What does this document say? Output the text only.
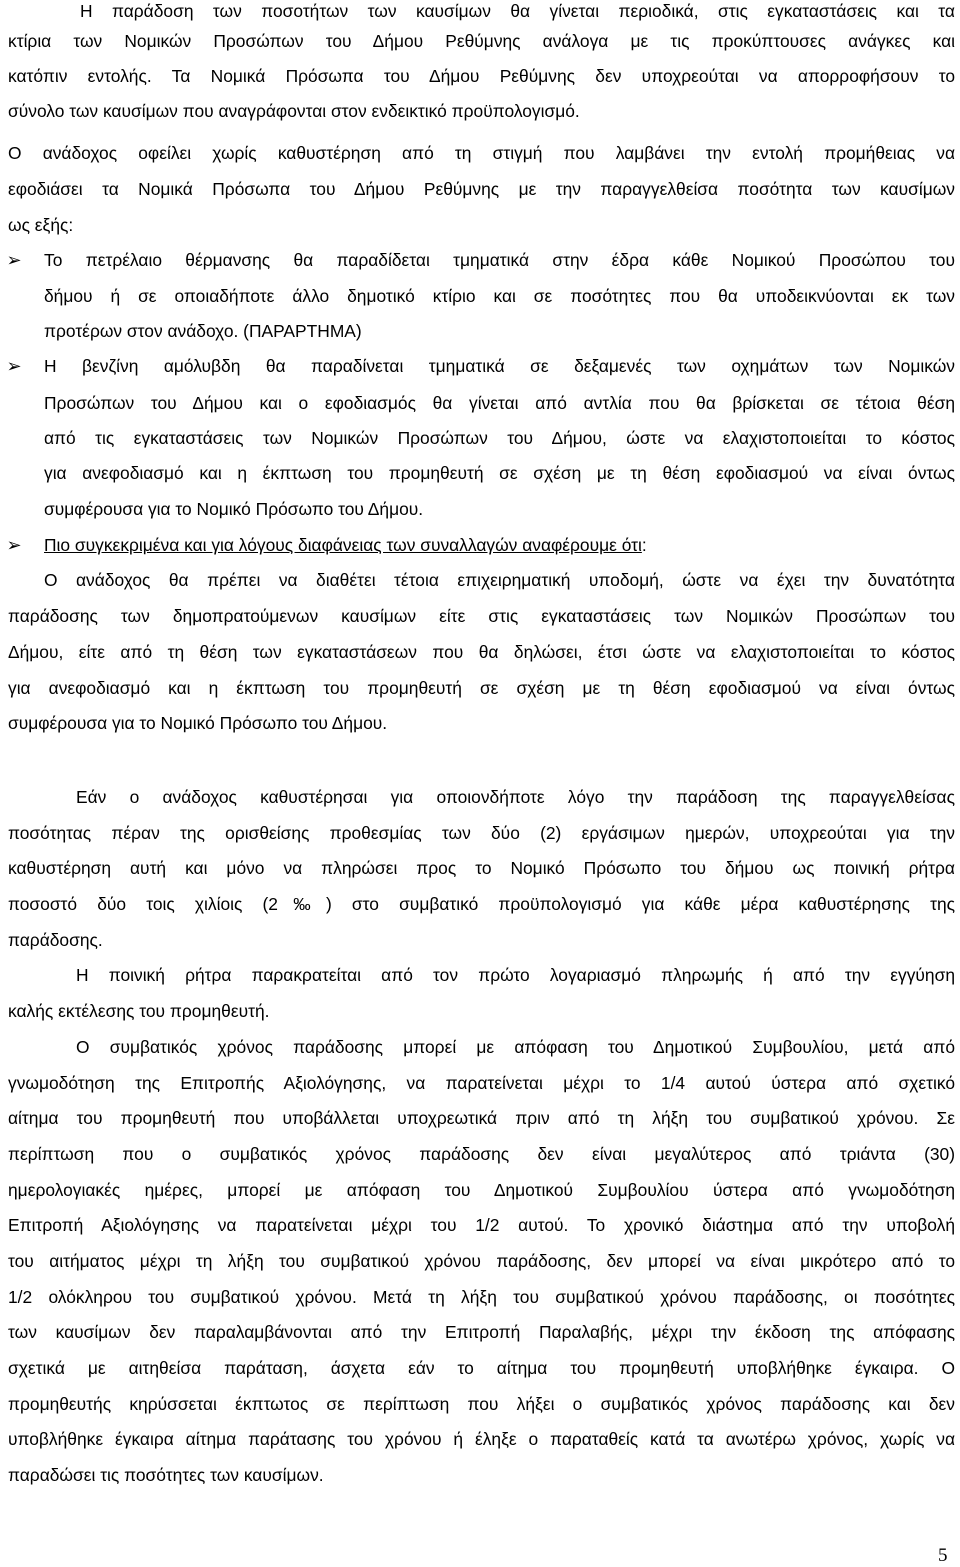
Η παράδοση των ποσοτήτων των καυσίμων θα γίνεται περιοδικά, στις εγκαταστάσεις και τα
κτίρια των Νομικών Προσώπων του Δήμου Ρεθύμνης ανάλογα με τις προκύπτουσες ανάγκες και
κατόπιν εντολής. Τα Νομικά Πρόσωπα του Δήμου Ρεθύμνης δεν υποχρεούται να απορροφήσουν το
σύνολο των καυσίμων που αναγράφονται στον ενδεικτικό προϋπολογισμό.
Ο ανάδοχος οφείλει χωρίς καθυστέρηση από τη στιγμή που λαμβάνει την εντολή προμήθειας να
εφοδιάσει τα Νομικά Πρόσωπα του Δήμου Ρεθύμνης με την παραγγελθείσα ποσότητα των καυσίμων
ως εξής:
➢ Το πετρέλαιο θέρμανσης θα παραδίδεται τμηματικά στην έδρα κάθε Νομικού Προσώπου του
δήμου ή σε οποιαδήποτε άλλο δημοτικό κτίριο και σε ποσότητες που θα υποδεικνύονται εκ των
προτέρων στον ανάδοχο. (ΠΑΡΑΡΤΗΜΑ)
➢ Η βενζίνη αμόλυβδη θα παραδίνεται τμηματικά σε δεξαμενές των οχημάτων των Νομικών
Προσώπων του Δήμου και ο εφοδιασμός θα γίνεται από αντλία που θα βρίσκεται σε τέτοια θέση
από τις εγκαταστάσεις των Νομικών Προσώπων του Δήμου, ώστε να ελαχιστοποιείται το κόστος
για ανεφοδιασμό και η έκπτωση του προμηθευτή σε σχέση με τη θέση εφοδιασμού να είναι όντως
συμφέρουσα για το Νομικό Πρόσωπο του Δήμου.
➢ Πιο συγκεκριμένα και για λόγους διαφάνειας των συναλλαγών αναφέρουμε ότι:
Ο ανάδοχος θα πρέπει να διαθέτει τέτοια επιχειρηματική υποδομή, ώστε να έχει την δυνατότητα
παράδοσης των δημοπρατούμενων καυσίμων είτε στις εγκαταστάσεις των Νομικών Προσώπων του
Δήμου, είτε από τη θέση των εγκαταστάσεων που θα δηλώσει, έτσι ώστε να ελαχιστοποιείται το κόστος
για ανεφοδιασμό και η έκπτωση του προμηθευτή σε σχέση με τη θέση εφοδιασμού να είναι όντως
συμφέρουσα για το Νομικό Πρόσωπο του Δήμου.
Εάν ο ανάδοχος καθυστέρησαι για οποιονδήποτε λόγο την παράδοση της παραγγελθείσας
ποσότητας πέραν της ορισθείσης προθεσμίας των δύο (2) εργάσιμων ημερών, υποχρεούται για την
καθυστέρηση αυτή και μόνο να πληρώσει προς το Νομικό Πρόσωπο του δήμου ως ποινική ρήτρα
ποσοστό δύο τοις χιλίοις (2‰) στο συμβατικό προϋπολογισμό για κάθε μέρα καθυστέρησης της
παράδοσης.
Η ποινική ρήτρα παρακρατείται από τον πρώτο λογαριασμό πληρωμής ή από την εγγύηση
καλής εκτέλεσης του προμηθευτή.
Ο συμβατικός χρόνος παράδοσης μπορεί με απόφαση του Δημοτικού Συμβουλίου, μετά από
γνωμοδότηση της Επιτροπής Αξιολόγησης, να παρατείνεται μέχρι το 1/4 αυτού ύστερα από σχετικό
αίτημα του προμηθευτή που υποβάλλεται υποχρεωτικά πριν από τη λήξη του συμβατικού χρόνου. Σε
περίπτωση που ο συμβατικός χρόνος παράδοσης δεν είναι μεγαλύτερος από τριάντα (30)
ημερολογιακές ημέρες, μπορεί με απόφαση του Δημοτικού Συμβουλίου ύστερα από γνωμοδότηση
Επιτροπή Αξιολόγησης να παρατείνεται μέχρι του 1/2 αυτού. Το χρονικό διάστημα από την υποβολή
του αιτήματος μέχρι τη λήξη του συμβατικού χρόνου παράδοσης, δεν μπορεί να είναι μικρότερο από το
1/2 ολόκληρου του συμβατικού χρόνου. Μετά τη λήξη του συμβατικού χρόνου παράδοσης, οι ποσότητες
των καυσίμων δεν παραλαμβάνονται από την Επιτροπή Παραλαβής, μέχρι την έκδοση της απόφασης
σχετικά με αιτηθείσα παράταση, άσχετα εάν το αίτημα του προμηθευτή υποβλήθηκε έγκαιρα. Ο
προμηθευτής κηρύσσεται έκπτωτος σε περίπτωση που λήξει ο συμβατικός χρόνος παράδοσης και δεν
υποβλήθηκε έγκαιρα αίτημα παράτασης του χρόνου ή έληξε ο παραταθείς κατά τα ανωτέρω χρόνος, χωρίς να
παραδώσει τις ποσότητες των καυσίμων.
5
